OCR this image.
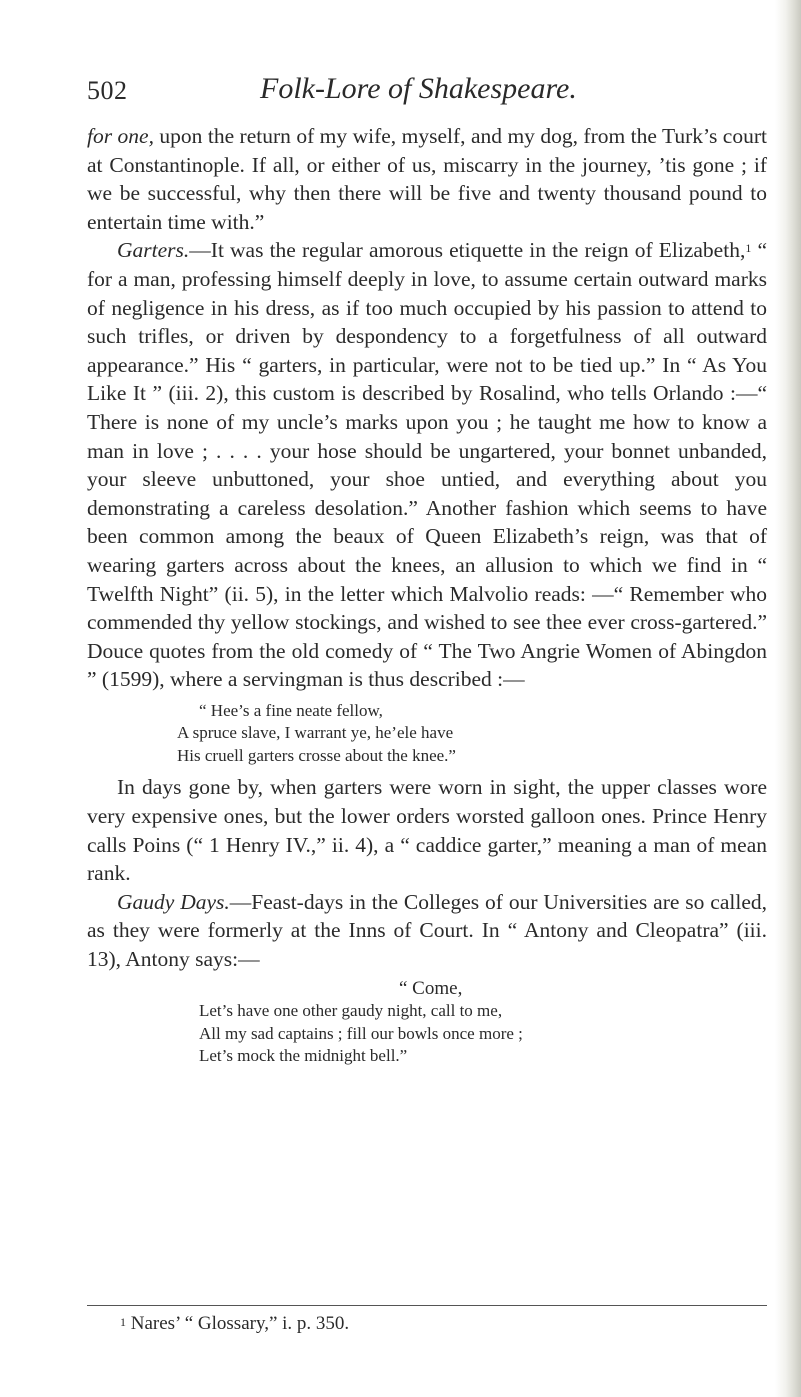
502	Folk-Lore of Shakespeare.

for one, upon the return of my wife, myself, and my dog, from the Turk’s court at Constantinople. If all, or either of us, miscarry in the journey, ’tis gone ; if we be successful, why then there will be five and twenty thousand pound to entertain time with.”

Garters.—It was the regular amorous etiquette in the reign of Elizabeth,$^1$ “ for a man, professing himself deeply in love, to assume certain outward marks of negligence in his dress, as if too much occupied by his passion to attend to such trifles, or driven by despondency to a forgetfulness of all outward appearance.” His “ garters, in particular, were not to be tied up.” In “ As You Like It ” (iii. 2), this custom is described by Rosalind, who tells Orlando :—“ There is none of my uncle’s marks upon you ; he taught me how to know a man in love ; . . . . your hose should be ungartered, your bonnet unbanded, your sleeve unbuttoned, your shoe untied, and everything about you demonstrating a careless desolation.” Another fashion which seems to have been common among the beaux of Queen Elizabeth’s reign, was that of wearing garters across about the knees, an allusion to which we find in “ Twelfth Night” (ii. 5), in the letter which Malvolio reads: —“ Remember who commended thy yellow stockings, and wished to see thee ever cross-gartered.” Douce quotes from the old comedy of “ The Two Angrie Women of Abingdon ” (1599), where a servingman is thus described :—

“ Hee’s a fine neate fellow,
A spruce slave, I warrant ye, he’ele have
His cruell garters crosse about the knee.”

In days gone by, when garters were worn in sight, the upper classes wore very expensive ones, but the lower orders worsted galloon ones. Prince Henry calls Poins (“ 1 Henry IV.,” ii. 4), a “ caddice garter,” meaning a man of mean rank.

Gaudy Days.—Feast-days in the Colleges of our Universities are so called, as they were formerly at the Inns of Court. In “ Antony and Cleopatra” (iii. 13), Antony says:—

“ Come,
Let’s have one other gaudy night, call to me,
All my sad captains ; fill our bowls once more ;
Let’s mock the midnight bell.”
$^1$ Nares’ “ Glossary,” i. p. 350.
